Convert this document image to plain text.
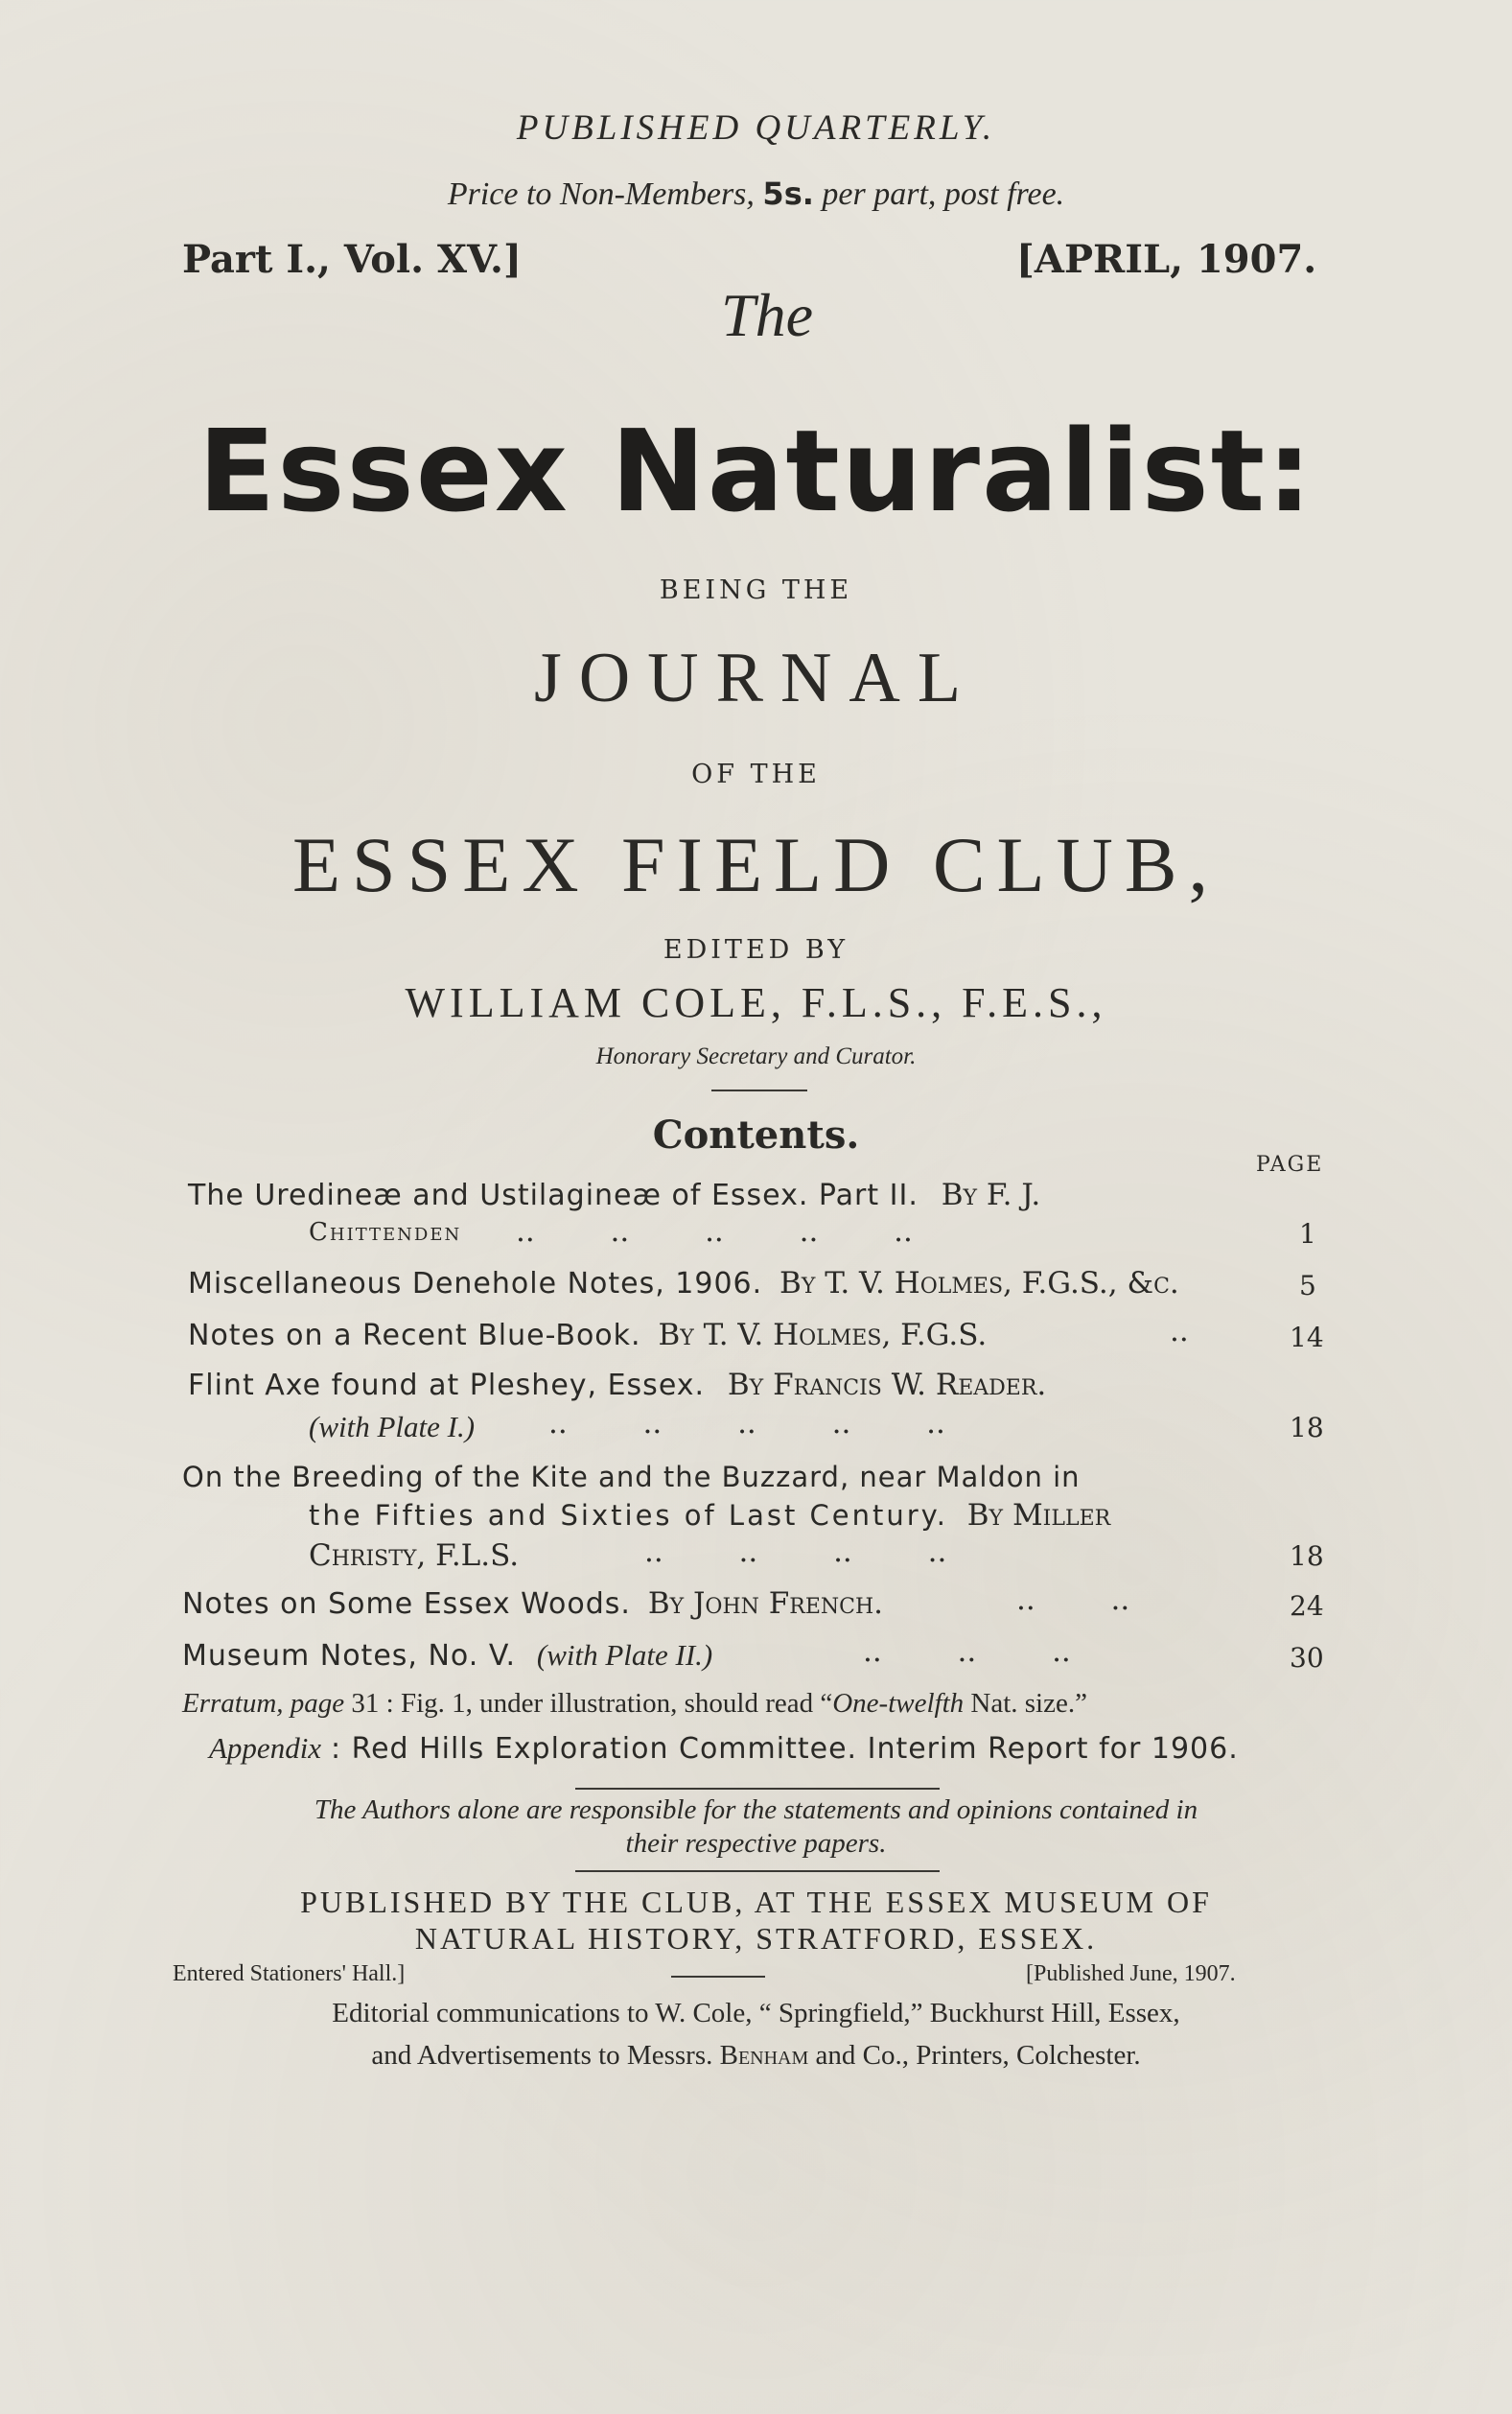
PUBLISHED QUARTERLY.
Price to Non-Members, 5s. per part, post free.
Part I., Vol. XV.]	[APRIL, 1907.
The
Essex Naturalist:
BEING THE
JOURNAL
OF THE
ESSEX FIELD CLUB,
EDITED BY
WILLIAM COLE, F.L.S., F.E.S.,
Honorary Secretary and Curator.
Contents.
PAGE
The Uredineæ and Ustilagineæ of Essex. Part II. By F. J.
Chittenden ..        ..        ..        ..        ..	1
Miscellaneous Denehole Notes, 1906. By T. V. Holmes, F.G.S., &c.	5
Notes on a Recent Blue-Book. By T. V. Holmes, F.G.S.	..	14
Flint Axe found at Pleshey, Essex. By Francis W. Reader.
(with Plate I.) ..        ..        ..        ..        ..	18
On the Breeding of the Kite and the Buzzard, near Maldon in
the Fifties and Sixties of Last Century. By Miller
Christy, F.L.S.	..        ..        ..        ..	18
Notes on Some Essex Woods. By John French.	..        ..	24
Museum Notes, No. V. (with Plate II.)	..        ..        ..	30
Erratum, page 31 : Fig. 1, under illustration, should read “One-twelfth Nat. size.”
Appendix : Red Hills Exploration Committee. Interim Report for 1906.
The Authors alone are responsible for the statements and opinions contained in
their respective papers.
PUBLISHED BY THE CLUB, AT THE ESSEX MUSEUM OF
NATURAL HISTORY, STRATFORD, ESSEX.
Entered Stationers' Hall.]	[Published June, 1907.
Editorial communications to W. Cole, “ Springfield,” Buckhurst Hill, Essex,
and Advertisements to Messrs. Benham and Co., Printers, Colchester.
